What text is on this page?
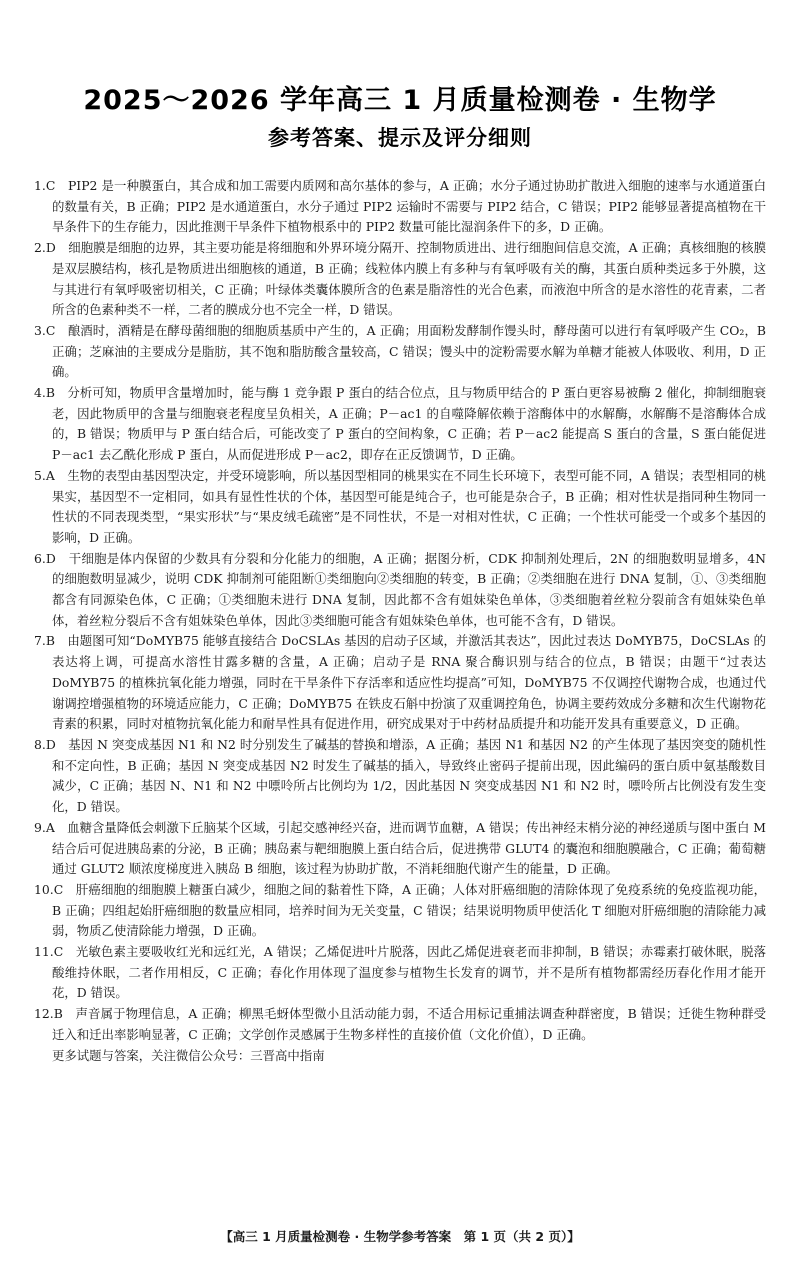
2025～2026 学年高三 1 月质量检测卷 · 生物学
参考答案、提示及评分细则

1.C　PIP2 是一种膜蛋白，其合成和加工需要内质网和高尔基体的参与，A 正确；水分子通过协助扩散进入细胞的速率与水通道蛋白的数量有关，B 正确；PIP2 是水通道蛋白，水分子通过 PIP2 运输时不需要与 PIP2 结合，C 错误；PIP2 能够显著提高植物在干旱条件下的生存能力，因此推测干旱条件下植物根系中的 PIP2 数量可能比湿润条件下的多，D 正确。

2.D　细胞膜是细胞的边界，其主要功能是将细胞和外界环境分隔开、控制物质进出、进行细胞间信息交流，A 正确；真核细胞的核膜是双层膜结构，核孔是物质进出细胞核的通道，B 正确；线粒体内膜上有多种与有氧呼吸有关的酶，其蛋白质种类远多于外膜，这与其进行有氧呼吸密切相关，C 正确；叶绿体类囊体膜所含的色素是脂溶性的光合色素，而液泡中所含的是水溶性的花青素，二者所含的色素种类不一样，二者的膜成分也不完全一样，D 错误。

3.C　酿酒时，酒精是在酵母菌细胞的细胞质基质中产生的，A 正确；用面粉发酵制作馒头时，酵母菌可以进行有氧呼吸产生 CO₂，B 正确；芝麻油的主要成分是脂肪，其不饱和脂肪酸含量较高，C 错误；馒头中的淀粉需要水解为单糖才能被人体吸收、利用，D 正确。

4.B　分析可知，物质甲含量增加时，能与酶 1 竞争跟 P 蛋白的结合位点，且与物质甲结合的 P 蛋白更容易被酶 2 催化，抑制细胞衰老，因此物质甲的含量与细胞衰老程度呈负相关，A 正确；P－ac1 的自噬降解依赖于溶酶体中的水解酶，水解酶不是溶酶体合成的，B 错误；物质甲与 P 蛋白结合后，可能改变了 P 蛋白的空间构象，C 正确；若 P－ac2 能提高 S 蛋白的含量，S 蛋白能促进 P－ac1 去乙酰化形成 P 蛋白，从而促进形成 P－ac2，即存在正反馈调节，D 正确。

5.A　生物的表型由基因型决定，并受环境影响，所以基因型相同的桃果实在不同生长环境下，表型可能不同，A 错误；表型相同的桃果实，基因型不一定相同，如具有显性性状的个体，基因型可能是纯合子，也可能是杂合子，B 正确；相对性状是指同种生物同一性状的不同表现类型，“果实形状”与“果皮绒毛疏密”是不同性状，不是一对相对性状，C 正确；一个性状可能受一个或多个基因的影响，D 正确。

6.D　干细胞是体内保留的少数具有分裂和分化能力的细胞，A 正确；据图分析，CDK 抑制剂处理后，2N 的细胞数明显增多，4N 的细胞数明显减少，说明 CDK 抑制剂可能阻断①类细胞向②类细胞的转变，B 正确；②类细胞在进行 DNA 复制，①、③类细胞都含有同源染色体，C 正确；①类细胞未进行 DNA 复制，因此都不含有姐妹染色单体，③类细胞着丝粒分裂前含有姐妹染色单体，着丝粒分裂后不含有姐妹染色单体，因此③类细胞可能含有姐妹染色单体，也可能不含有，D 错误。

7.B　由题图可知“DoMYB75 能够直接结合 DoCSLAs 基因的启动子区域，并激活其表达”，因此过表达 DoMYB75，DoCSLAs 的表达将上调，可提高水溶性甘露多糖的含量，A 正确；启动子是 RNA 聚合酶识别与结合的位点，B 错误；由题干“过表达 DoMYB75 的植株抗氧化能力增强，同时在干旱条件下存活率和适应性均提高”可知，DoMYB75 不仅调控代谢物合成，也通过代谢调控增强植物的环境适应能力，C 正确；DoMYB75 在铁皮石斛中扮演了双重调控角色，协调主要药效成分多糖和次生代谢物花青素的积累，同时对植物抗氧化能力和耐旱性具有促进作用，研究成果对于中药材品质提升和功能开发具有重要意义，D 正确。

8.D　基因 N 突变成基因 N1 和 N2 时分别发生了碱基的替换和增添，A 正确；基因 N1 和基因 N2 的产生体现了基因突变的随机性和不定向性，B 正确；基因 N 突变成基因 N2 时发生了碱基的插入，导致终止密码子提前出现，因此编码的蛋白质中氨基酸数目减少，C 正确；基因 N、N1 和 N2 中嘌呤所占比例均为 1/2，因此基因 N 突变成基因 N1 和 N2 时，嘌呤所占比例没有发生变化，D 错误。

9.A　血糖含量降低会刺激下丘脑某个区域，引起交感神经兴奋，进而调节血糖，A 错误；传出神经末梢分泌的神经递质与图中蛋白 M 结合后可促进胰岛素的分泌，B 正确；胰岛素与靶细胞膜上蛋白结合后，促进携带 GLUT4 的囊泡和细胞膜融合，C 正确；葡萄糖通过 GLUT2 顺浓度梯度进入胰岛 B 细胞，该过程为协助扩散，不消耗细胞代谢产生的能量，D 正确。

10.C　肝癌细胞的细胞膜上糖蛋白减少，细胞之间的黏着性下降，A 正确；人体对肝癌细胞的清除体现了免疫系统的免疫监视功能，B 正确；四组起始肝癌细胞的数量应相同，培养时间为无关变量，C 错误；结果说明物质甲使活化 T 细胞对肝癌细胞的清除能力减弱，物质乙使清除能力增强，D 正确。

11.C　光敏色素主要吸收红光和远红光，A 错误；乙烯促进叶片脱落，因此乙烯促进衰老而非抑制，B 错误；赤霉素打破休眠，脱落酸维持休眠，二者作用相反，C 正确；春化作用体现了温度参与植物生长发育的调节，并不是所有植物都需经历春化作用才能开花，D 错误。

12.B　声音属于物理信息，A 正确；柳黑毛蚜体型微小且活动能力弱，不适合用标记重捕法调查种群密度，B 错误；迁徙生物种群受迁入和迁出率影响显著，C 正确；文学创作灵感属于生物多样性的直接价值（文化价值），D 正确。

更多试题与答案，关注微信公众号：三晋高中指南
【高三 1 月质量检测卷 · 生物学参考答案　第 1 页（共 2 页）】
